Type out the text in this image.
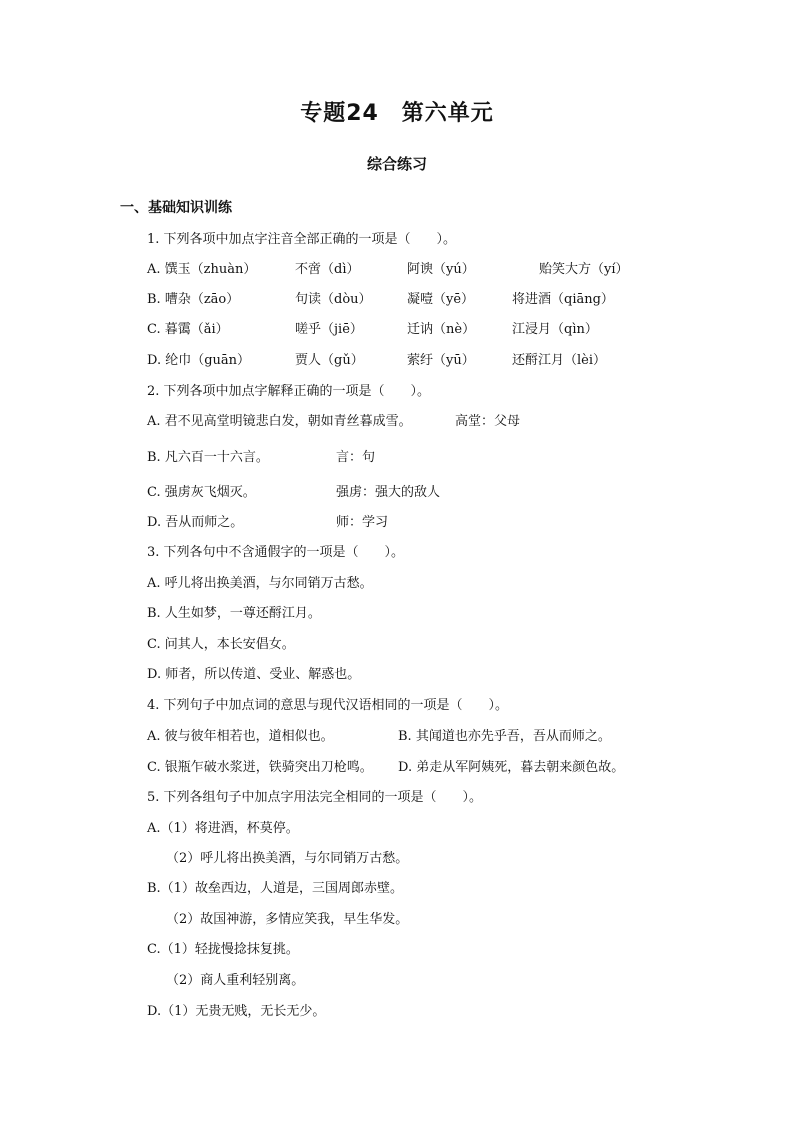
专题24　第六单元
综合练习
一、基础知识训练
1. 下列各项中加点字注音全部正确的一项是（　　）。
A. 馔玉（zhuàn）	不啻（dì）	阿谀（yú）	贻笑大方（yí）
B. 嘈杂（zāo）	句读（dòu）	凝噎（yē）	将进酒（qiāng）
C. 暮霭（ǎi）	嗟乎（jiē）	迁讷（nè）	江浸月（qìn）
D. 纶巾（guān）	贾人（gǔ）	萦纡（yū）	还酹江月（lèi）
2. 下列各项中加点字解释正确的一项是（　　）。
A. 君不见高堂明镜悲白发，朝如青丝暮成雪。	高堂：父母
B. 凡六百一十六言。	言：句
C. 强虏灰飞烟灭。	强虏：强大的敌人
D. 吾从而师之。	师：学习
3. 下列各句中不含通假字的一项是（　　）。
A. 呼儿将出换美酒，与尔同销万古愁。
B. 人生如梦，一尊还酹江月。
C. 问其人，本长安倡女。
D. 师者，所以传道、受业、解惑也。
4. 下列句子中加点词的意思与现代汉语相同的一项是（　　）。
A. 彼与彼年相若也，道相似也。	B. 其闻道也亦先乎吾，吾从而师之。
C. 银瓶乍破水浆迸，铁骑突出刀枪鸣。 D. 弟走从军阿姨死，暮去朝来颜色故。
5. 下列各组句子中加点字用法完全相同的一项是（　　）。
A.（1）将进酒，杯莫停。
（2）呼儿将出换美酒，与尔同销万古愁。
B.（1）故垒西边，人道是，三国周郎赤壁。
（2）故国神游，多情应笑我，早生华发。
C.（1）轻拢慢捻抹复挑。
（2）商人重利轻别离。
D.（1）无贵无贱，无长无少。
